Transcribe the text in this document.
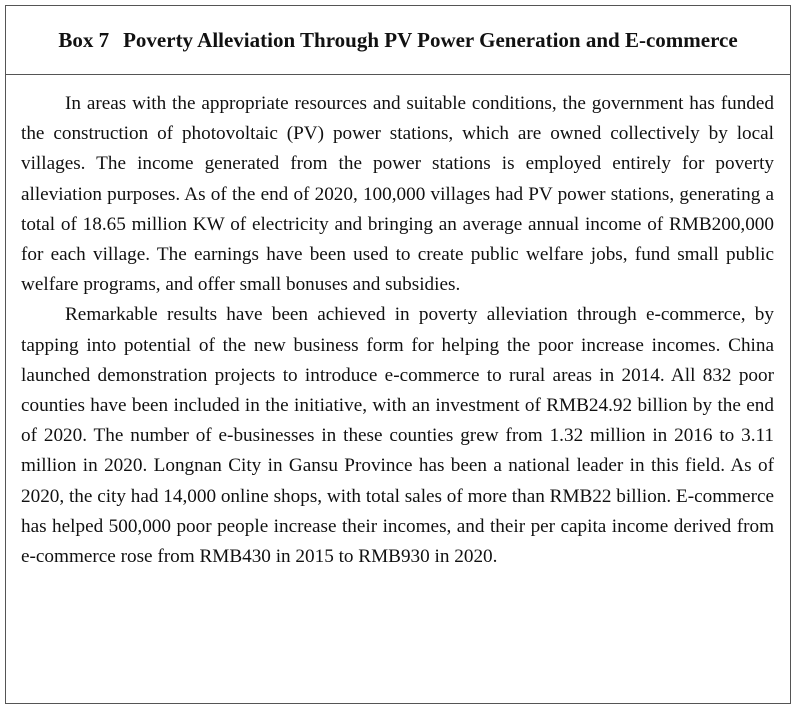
Box 7 Poverty Alleviation Through PV Power Generation and E-commerce

In areas with the appropriate resources and suitable conditions, the government has funded the construction of photovoltaic (PV) power stations, which are owned collectively by local villages. The income generated from the power stations is employed entirely for poverty alleviation purposes. As of the end of 2020, 100,000 villages had PV power stations, generating a total of 18.65 million KW of electricity and bringing an average annual income of RMB200,000 for each village. The earnings have been used to create public welfare jobs, fund small public welfare programs, and offer small bonuses and subsidies.

Remarkable results have been achieved in poverty alleviation through e-commerce, by tapping into potential of the new business form for helping the poor increase incomes. China launched demonstration projects to introduce e-commerce to rural areas in 2014. All 832 poor counties have been included in the initiative, with an investment of RMB24.92 billion by the end of 2020. The number of e-businesses in these counties grew from 1.32 million in 2016 to 3.11 million in 2020. Longnan City in Gansu Province has been a national leader in this field. As of 2020, the city had 14,000 online shops, with total sales of more than RMB22 billion. E-commerce has helped 500,000 poor people increase their incomes, and their per capita income derived from e-commerce rose from RMB430 in 2015 to RMB930 in 2020.
